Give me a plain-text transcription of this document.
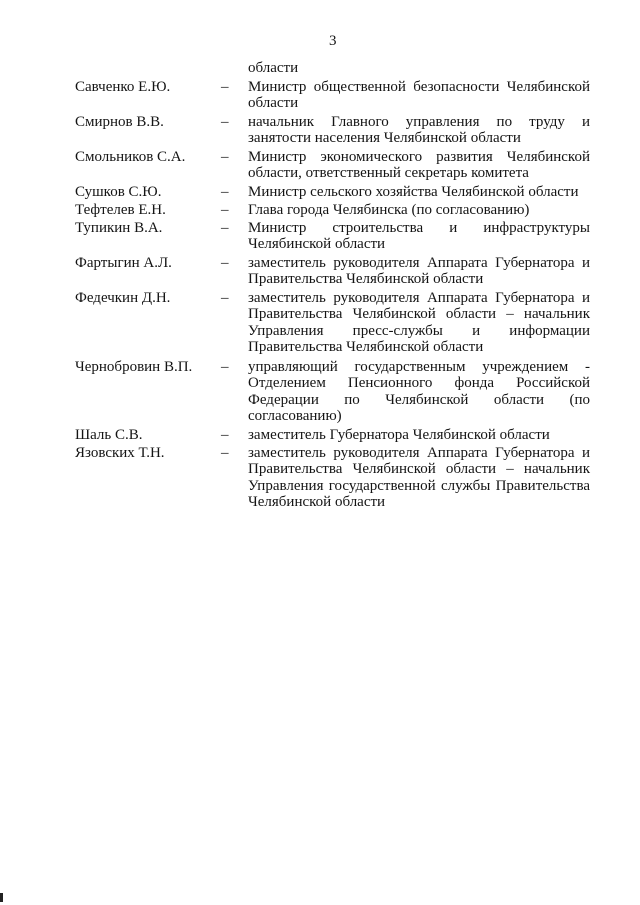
3
области
Савченко Е.Ю.	– Министр общественной безопасности Челябинской
области
Смирнов В.В.	– начальник Главного управления по труду и
занятости населения Челябинской области
Смольников С.А. – Министр экономического развития Челябинской
области, ответственный секретарь комитета
Сушков С.Ю.	– Министр сельского хозяйства Челябинской области
Тефтелев Е.Н.	– Глава города Челябинска (по согласованию)
Тупикин В.А.	– Министр строительства и инфраструктуры
Челябинской области
Фартыгин А.Л.	– заместитель руководителя Аппарата Губернатора и
Правительства Челябинской области
Федечкин Д.Н.	– заместитель руководителя Аппарата Губернатора и
Правительства Челябинской области – начальник
Управления пресс-службы и информации
Правительства Челябинской области
Чернобровин В.П. – управляющий государственным учреждением -
Отделением Пенсионного фонда Российской
Федерации по Челябинской области (по
согласованию)
Шаль С.В.	– заместитель Губернатора Челябинской области
Язовских Т.Н.	– заместитель руководителя Аппарата Губернатора и
Правительства Челябинской области – начальник
Управления государственной службы Правительства
Челябинской области
